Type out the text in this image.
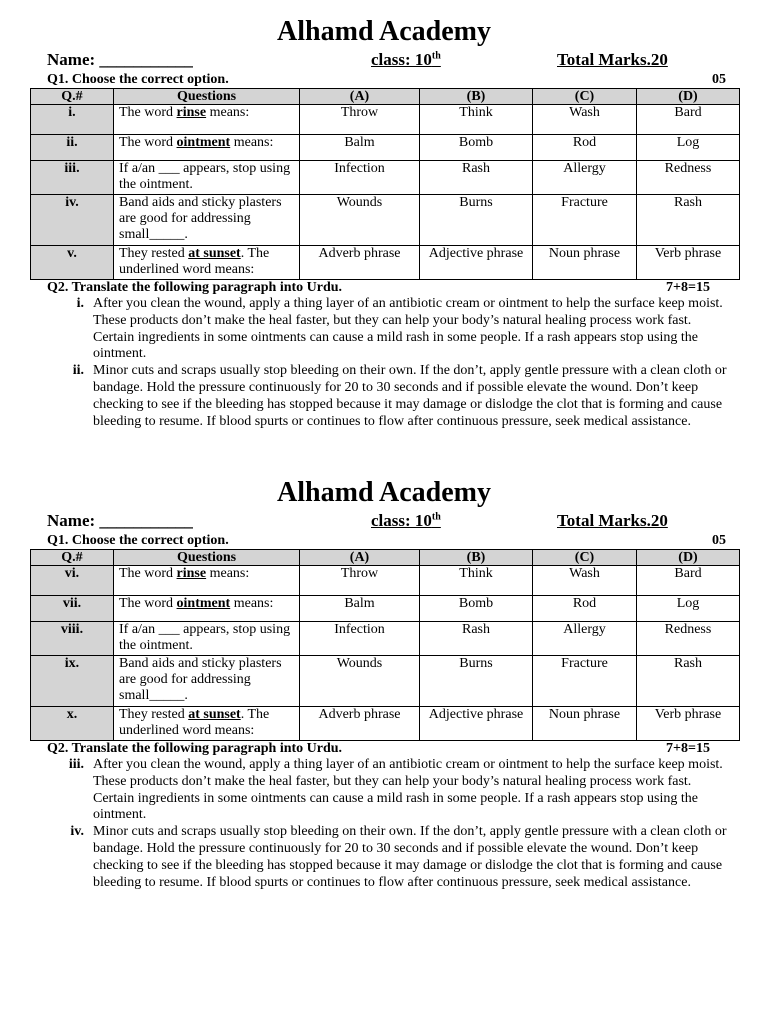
Alhamd Academy
Name: ___________	class: 10th	Total Marks.20
Q1. Choose the correct option.	05
Q.#	Questions	(A)	(B)	(C)	(D)
i.	The word rinse means:	Throw	Think	Wash	Bard
ii.	The word ointment means:	Balm	Bomb	Rod	Log
iii.	If a/an ___ appears, stop using the ointment.	Infection	Rash	Allergy	Redness
iv.	Band aids and sticky plasters are good for addressing small_____.	Wounds	Burns	Fracture	Rash
v.	They rested at sunset. The underlined word means:	Adverb phrase	Adjective phrase	Noun phrase	Verb phrase
Q2. Translate the following paragraph into Urdu.	7+8=15
i. After you clean the wound, apply a thing layer of an antibiotic cream or ointment to help the surface keep moist. These products don’t make the heal faster, but they can help your body’s natural healing process work fast. Certain ingredients in some ointments can cause a mild rash in some people. If a rash appears stop using the ointment.
ii. Minor cuts and scraps usually stop bleeding on their own. If the don’t, apply gentle pressure with a clean cloth or bandage. Hold the pressure continuously for 20 to 30 seconds and if possible elevate the wound. Don’t keep checking to see if the bleeding has stopped because it may damage or dislodge the clot that is forming and cause bleeding to resume. If blood spurts or continues to flow after continuous pressure, seek medical assistance.
Alhamd Academy
Name: ___________	class: 10th	Total Marks.20
Q1. Choose the correct option.	05
Q.#	Questions	(A)	(B)	(C)	(D)
vi.	The word rinse means:	Throw	Think	Wash	Bard
vii.	The word ointment means:	Balm	Bomb	Rod	Log
viii.	If a/an ___ appears, stop using the ointment.	Infection	Rash	Allergy	Redness
ix.	Band aids and sticky plasters are good for addressing small_____.	Wounds	Burns	Fracture	Rash
x.	They rested at sunset. The underlined word means:	Adverb phrase	Adjective phrase	Noun phrase	Verb phrase
Q2. Translate the following paragraph into Urdu.	7+8=15
iii. After you clean the wound, apply a thing layer of an antibiotic cream or ointment to help the surface keep moist. These products don’t make the heal faster, but they can help your body’s natural healing process work fast. Certain ingredients in some ointments can cause a mild rash in some people. If a rash appears stop using the ointment.
iv. Minor cuts and scraps usually stop bleeding on their own. If the don’t, apply gentle pressure with a clean cloth or bandage. Hold the pressure continuously for 20 to 30 seconds and if possible elevate the wound. Don’t keep checking to see if the bleeding has stopped because it may damage or dislodge the clot that is forming and cause bleeding to resume. If blood spurts or continues to flow after continuous pressure, seek medical assistance.
